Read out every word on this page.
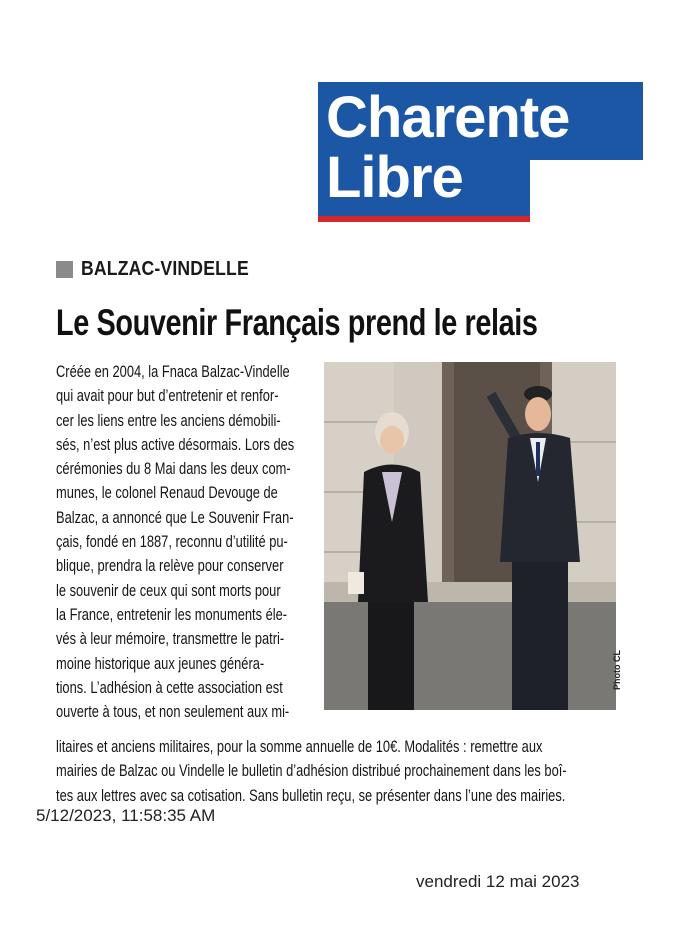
Charente
Libre
BALZAC-VINDELLE
Le Souvenir Français prend le relais
Créée en 2004, la Fnaca Balzac-Vindelle
qui avait pour but d’entretenir et renfor-
cer les liens entre les anciens démobili-
sés, n’est plus active désormais. Lors des
cérémonies du 8 Mai dans les deux com-
munes, le colonel Renaud Devouge de
Balzac, a annoncé que Le Souvenir Fran-
çais, fondé en 1887, reconnu d’utilité pu-
blique, prendra la relève pour conserver
le souvenir de ceux qui sont morts pour
la France, entretenir les monuments éle-
vés à leur mémoire, transmettre le patri-
moine historique aux jeunes généra-
tions. L’adhésion à cette association est
ouverte à tous, et non seulement aux mi-
Photo CL
litaires et anciens militaires, pour la somme annuelle de 10€. Modalités : remettre aux
mairies de Balzac ou Vindelle le bulletin d’adhésion distribué prochainement dans les boî-
tes aux lettres avec sa cotisation. Sans bulletin reçu, se présenter dans l’une des mairies.
5/12/2023, 11:58:35 AM
vendredi 12 mai 2023
